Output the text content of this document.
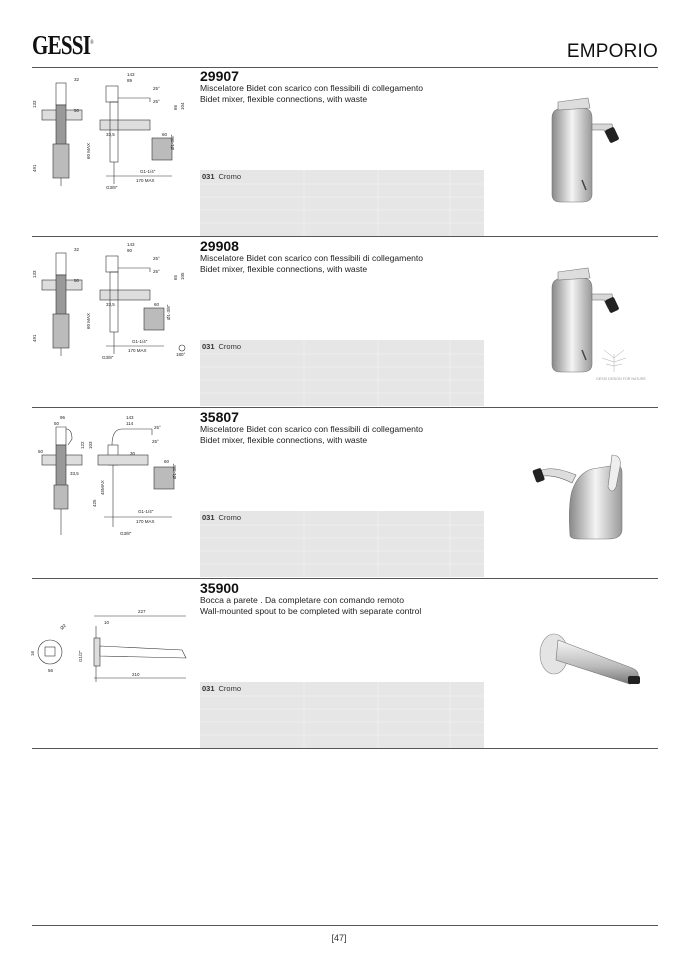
GESSI®	EMPORIO
32
143
89
25°
133
50
25°
66 104
33,5
491
60 MAX
60
Ø1-3/8"
G1-1/4"
170 MAX
G3/8"
29907
Miscelatore Bidet con scarico con flessibili di collegamento
Bidet mixer, flexible connections, with waste
031 Cromo
32
143
90
25°
133
50
25°
65 105
33,5
491
60 MAX
60
Ø1-3/8"
G1-1/4"
170 MAX
G3/8"
180°
29908
Miscelatore Bidet con scarico con flessibili di collegamento
Bidet mixer, flexible connections, with waste
031 Cromo
GESSI DESIGN FOR NATURE
96
50
143
114
25°
122 103
50	30
25°
33,5
425
45MAX
60
Ø1-3/8"
G1-1/4"
170 MAX
G3/8"
35807
Miscelatore Bidet con scarico con flessibili di collegamento
Bidet mixer, flexible connections, with waste
031 Cromo
Ø2
16
56
227
10
G1/2"
210
35900
Bocca a parete . Da completare con comando remoto
Wall-mounted spout to be completed with separate control
031 Cromo
[47]
